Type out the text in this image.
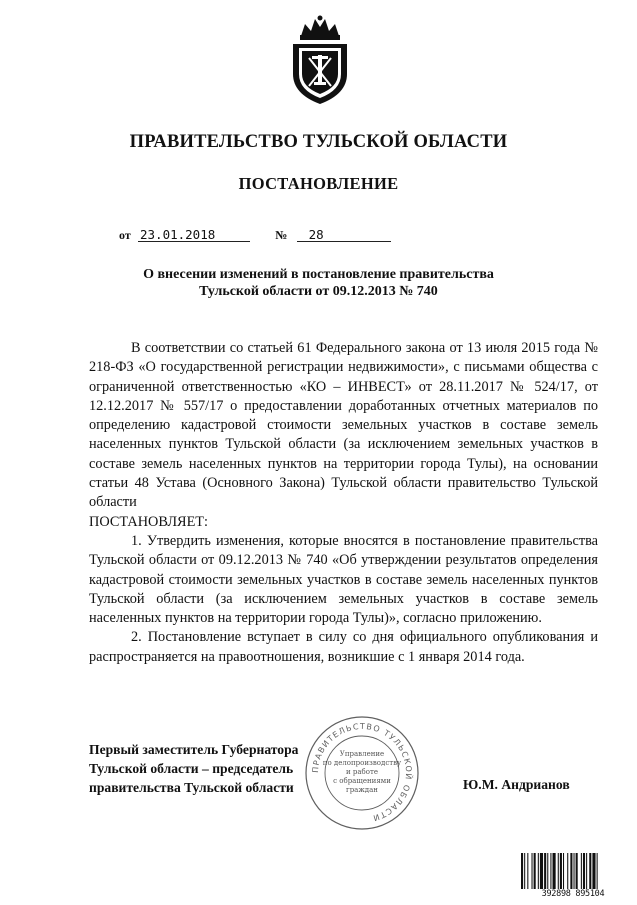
ПРАВИТЕЛЬСТВО ТУЛЬСКОЙ ОБЛАСТИ
ПОСТАНОВЛЕНИЕ
от 23.01.2018	№ 28
О внесении изменений в постановление правительства
Тульской области от 09.12.2013 № 740

В соответствии со статьей 61 Федерального закона от 13 июля 2015 года № 218-ФЗ «О государственной регистрации недвижимости», с письмами общества с ограниченной ответственностью «КО – ИНВЕСТ» от 28.11.2017 № 524/17, от 12.12.2017 № 557/17 о предоставлении доработанных отчетных материалов по определению кадастровой стоимости земельных участков в составе земель населенных пунктов Тульской области (за исключением земельных участков в составе земель населенных пунктов на территории города Тулы), на основании статьи 48 Устава (Основного Закона) Тульской области правительство Тульской области

ПОСТАНОВЛЯЕТ:

1. Утвердить изменения, которые вносятся в постановление правительства Тульской области от 09.12.2013 № 740 «Об утверждении результатов определения кадастровой стоимости земельных участков в составе земель населенных пунктов Тульской области (за исключением земельных участков в составе земель населенных пунктов на территории города Тулы)», согласно приложению.

2. Постановление вступает в силу со дня официального опубликования и распространяется на правоотношения, возникшие с 1 января 2014 года.

Первый заместитель Губернатора
Тульской области – председатель
правительства Тульской области	Ю.М. Андрианов
ПРАВИТЕЛЬСТВО ТУЛЬСКОЙ ОБЛАСТИ
Управление
по делопроизводству
и работе
с обращениями
граждан
392898 895104
